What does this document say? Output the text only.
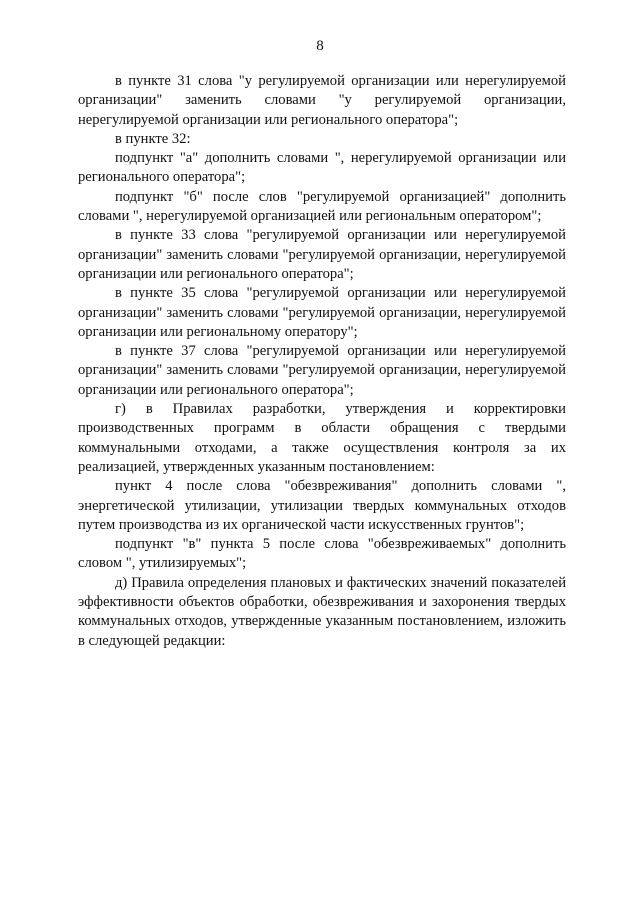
8

в пункте 31 слова "у регулируемой организации или нерегулируемой организации" заменить словами "у регулируемой организации, нерегулируемой организации или регионального оператора";

в пункте 32:

подпункт "а" дополнить словами ", нерегулируемой организации или регионального оператора";

подпункт "б" после слов "регулируемой организацией" дополнить словами ", нерегулируемой организацией или региональным оператором";

в пункте 33 слова "регулируемой организации или нерегулируемой организации" заменить словами "регулируемой организации, нерегулируемой организации или регионального оператора";

в пункте 35 слова "регулируемой организации или нерегулируемой организации" заменить словами "регулируемой организации, нерегулируемой организации или региональному оператору";

в пункте 37 слова "регулируемой организации или нерегулируемой организации" заменить словами "регулируемой организации, нерегулируемой организации или регионального оператора";

г) в Правилах разработки, утверждения и корректировки производственных программ в области обращения с твердыми коммунальными отходами, а также осуществления контроля за их реализацией, утвержденных указанным постановлением:

пункт 4 после слова "обезвреживания" дополнить словами ", энергетической утилизации, утилизации твердых коммунальных отходов путем производства из их органической части искусственных грунтов";

подпункт "в" пункта 5 после слова "обезвреживаемых" дополнить словом ", утилизируемых";

д) Правила определения плановых и фактических значений показателей эффективности объектов обработки, обезвреживания и захоронения твердых коммунальных отходов, утвержденные указанным постановлением, изложить в следующей редакции:
